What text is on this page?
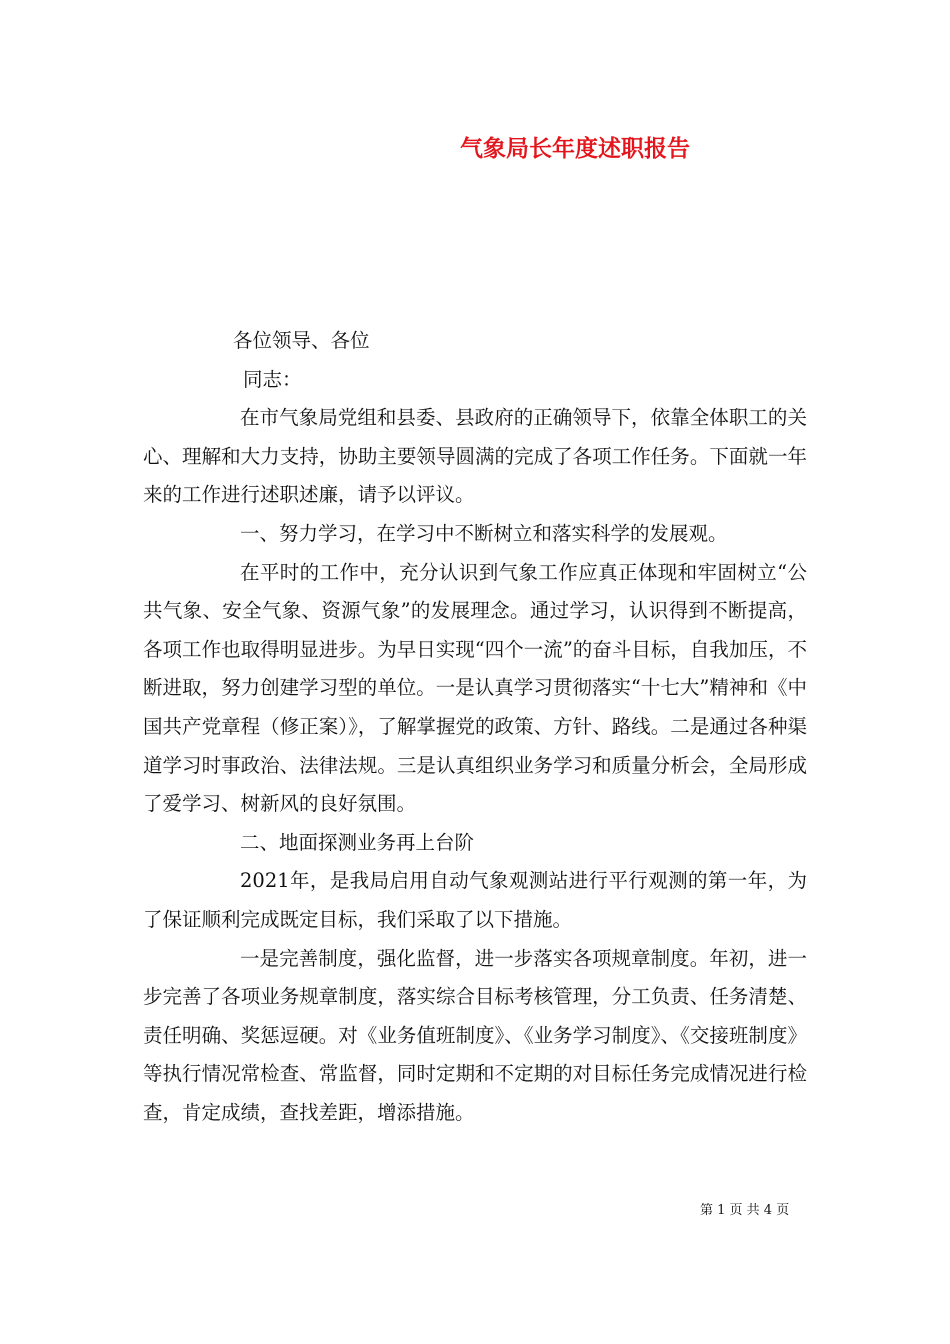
气象局长年度述职报告

各位领导、各位

同志：

在市气象局党组和县委、县政府的正确领导下，依靠全体职工的关心、理解和大力支持，协助主要领导圆满的完成了各项工作任务。下面就一年来的工作进行述职述廉，请予以评议。

一、努力学习，在学习中不断树立和落实科学的发展观。

在平时的工作中，充分认识到气象工作应真正体现和牢固树立“公共气象、安全气象、资源气象”的发展理念。通过学习，认识得到不断提高，各项工作也取得明显进步。为早日实现“四个一流”的奋斗目标，自我加压，不断进取，努力创建学习型的单位。一是认真学习贯彻落实“十七大”精神和《中国共产党章程（修正案）》，了解掌握党的政策、方针、路线。二是通过各种渠道学习时事政治、法律法规。三是认真组织业务学习和质量分析会，全局形成了爱学习、树新风的良好氛围。

二、地面探测业务再上台阶

2021年，是我局启用自动气象观测站进行平行观测的第一年，为了保证顺利完成既定目标，我们采取了以下措施。

一是完善制度，强化监督，进一步落实各项规章制度。年初，进一步完善了各项业务规章制度，落实综合目标考核管理，分工负责、任务清楚、责任明确、奖惩逗硬。对《业务值班制度》、《业务学习制度》、《交接班制度》等执行情况常检查、常监督，同时定期和不定期的对目标任务完成情况进行检查，肯定成绩，查找差距，增添措施。

第 1 页 共 4 页
